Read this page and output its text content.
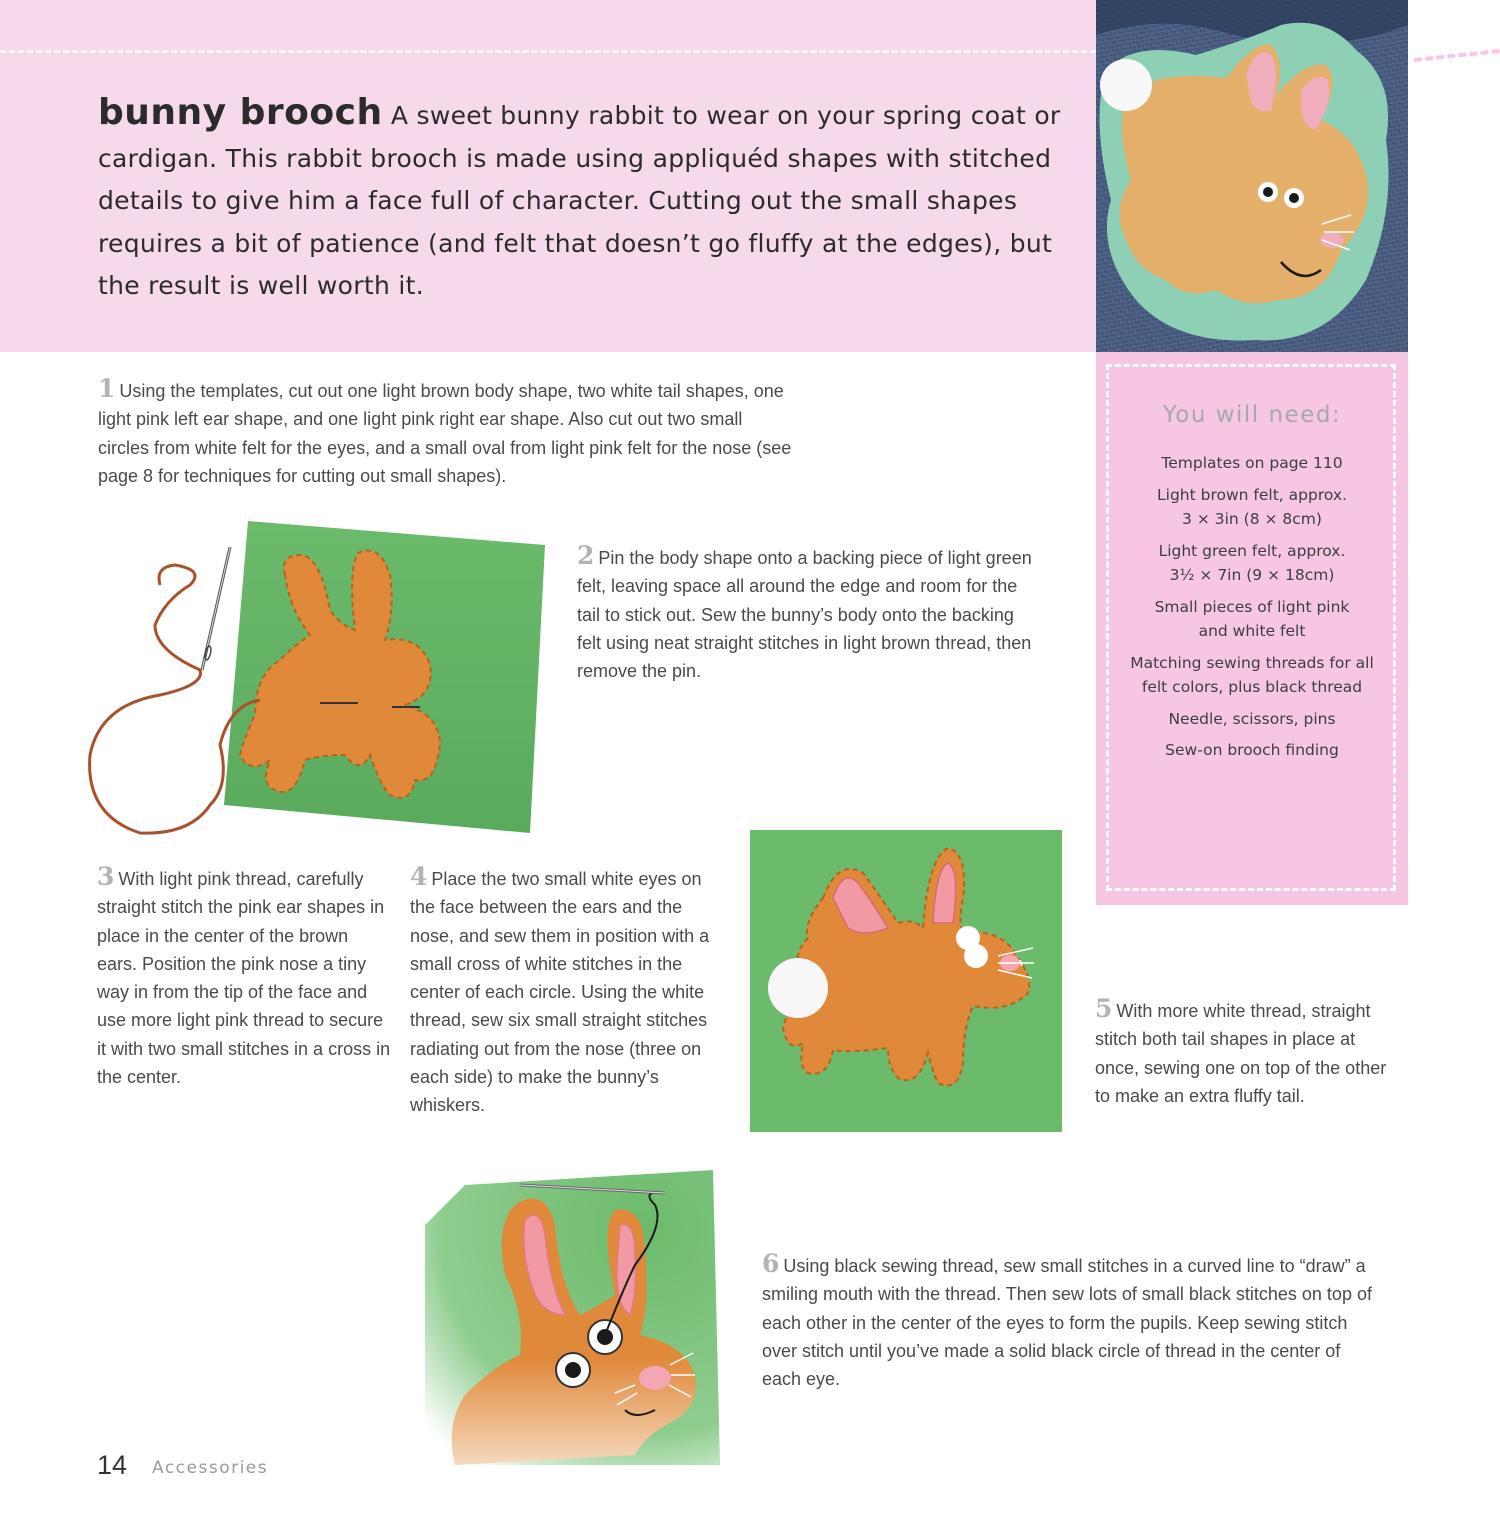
bunny brooch A sweet bunny rabbit to wear on your spring coat or cardigan. This rabbit brooch is made using appliquéd shapes with stitched details to give him a face full of character. Cutting out the small shapes requires a bit of patience (and felt that doesn’t go fluffy at the edges), but the result is well worth it.
1 Using the templates, cut out one light brown body shape, two white tail shapes, one light pink left ear shape, and one light pink right ear shape. Also cut out two small circles from white felt for the eyes, and a small oval from light pink felt for the nose (see page 8 for techniques for cutting out small shapes).
2 Pin the body shape onto a backing piece of light green felt, leaving space all around the edge and room for the tail to stick out. Sew the bunny’s body onto the backing felt using neat straight stitches in light brown thread, then remove the pin.
3 With light pink thread, carefully straight stitch the pink ear shapes in place in the center of the brown ears. Position the pink nose a tiny way in from the tip of the face and use more light pink thread to secure it with two small stitches in a cross in the center.
4 Place the two small white eyes on the face between the ears and the nose, and sew them in position with a small cross of white stitches in the center of each circle. Using the white thread, sew six small straight stitches radiating out from the nose (three on each side) to make the bunny’s whiskers.
5 With more white thread, straight stitch both tail shapes in place at once, sewing one on top of the other to make an extra fluffy tail.
6 Using black sewing thread, sew small stitches in a curved line to “draw” a smiling mouth with the thread. Then sew lots of small black stitches on top of each other in the center of the eyes to form the pupils. Keep sewing stitch over stitch until you’ve made a solid black circle of thread in the center of each eye.
You will need:
Templates on page 110
Light brown felt, approx.
3 × 3in (8 × 8cm)
Light green felt, approx.
3½ × 7in (9 × 18cm)
Small pieces of light pink
and white felt
Matching sewing threads for all
felt colors, plus black thread
Needle, scissors, pins
Sew-on brooch finding
14 Accessories
